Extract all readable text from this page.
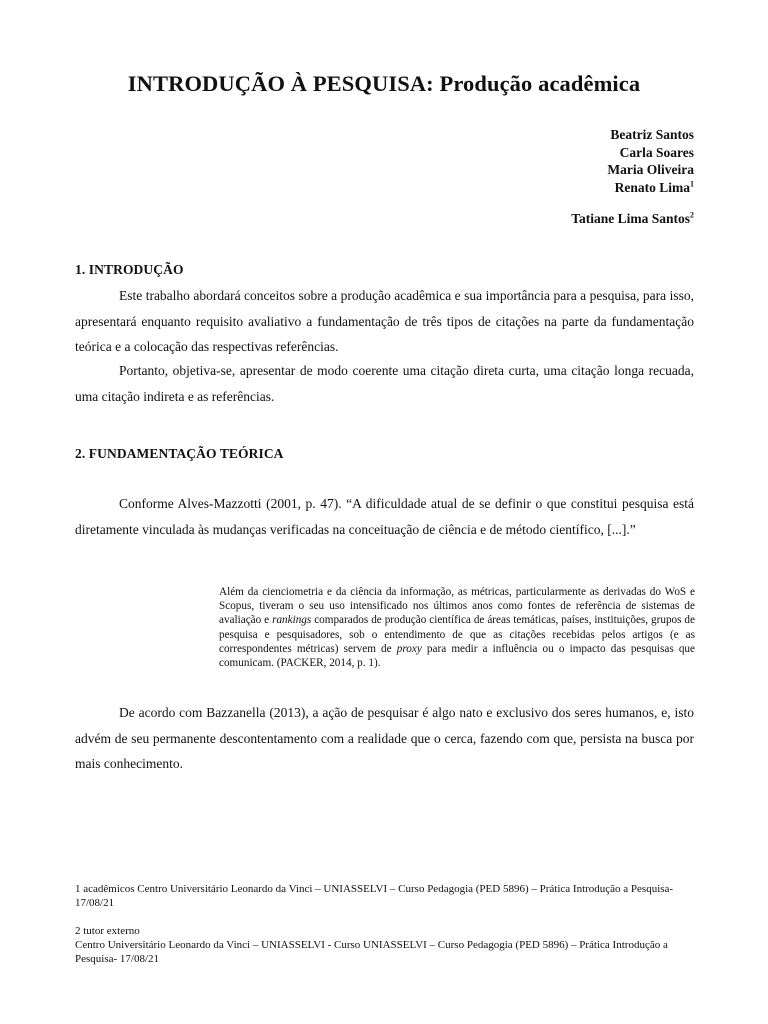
INTRODUÇÃO À PESQUISA: Produção acadêmica
Beatriz Santos
Carla Soares
Maria Oliveira
Renato Lima$^1$
Tatiane Lima Santos$^2$
1. INTRODUÇÃO
Este trabalho abordará conceitos sobre a produção acadêmica e sua importância para a pesquisa, para isso, apresentará enquanto requisito avaliativo a fundamentação de três tipos de citações na parte da fundamentação teórica e a colocação das respectivas referências.
Portanto, objetiva-se, apresentar de modo coerente uma citação direta curta, uma citação longa recuada, uma citação indireta e as referências.
2. FUNDAMENTAÇÃO TEÓRICA
Conforme Alves-Mazzotti (2001, p. 47). “A dificuldade atual de se definir o que constitui pesquisa está diretamente vinculada às mudanças verificadas na conceituação de ciência e de método científico, [...].”
Além da cienciometria e da ciência da informação, as métricas, particularmente as derivadas do WoS e Scopus, tiveram o seu uso intensificado nos últimos anos como fontes de referência de sistemas de avaliação e rankings comparados de produção científica de áreas temáticas, países, instituições, grupos de pesquisa e pesquisadores, sob o entendimento de que as citações recebidas pelos artigos (e as correspondentes métricas) servem de proxy para medir a influência ou o impacto das pesquisas que comunicam. (PACKER, 2014, p. 1).
De acordo com Bazzanella (2013), a ação de pesquisar é algo nato e exclusivo dos seres humanos, e, isto advém de seu permanente descontentamento com a realidade que o cerca, fazendo com que, persista na busca por mais conhecimento.
1 acadêmicos Centro Universitário Leonardo da Vinci – UNIASSELVI – Curso Pedagogia (PED 5896) – Prática Introdução a Pesquisa- 17/08/21
2 tutor externo
Centro Universitário Leonardo da Vinci – UNIASSELVI - Curso UNIASSELVI – Curso Pedagogia (PED 5896) – Prática Introdução a Pesquisa- 17/08/21
